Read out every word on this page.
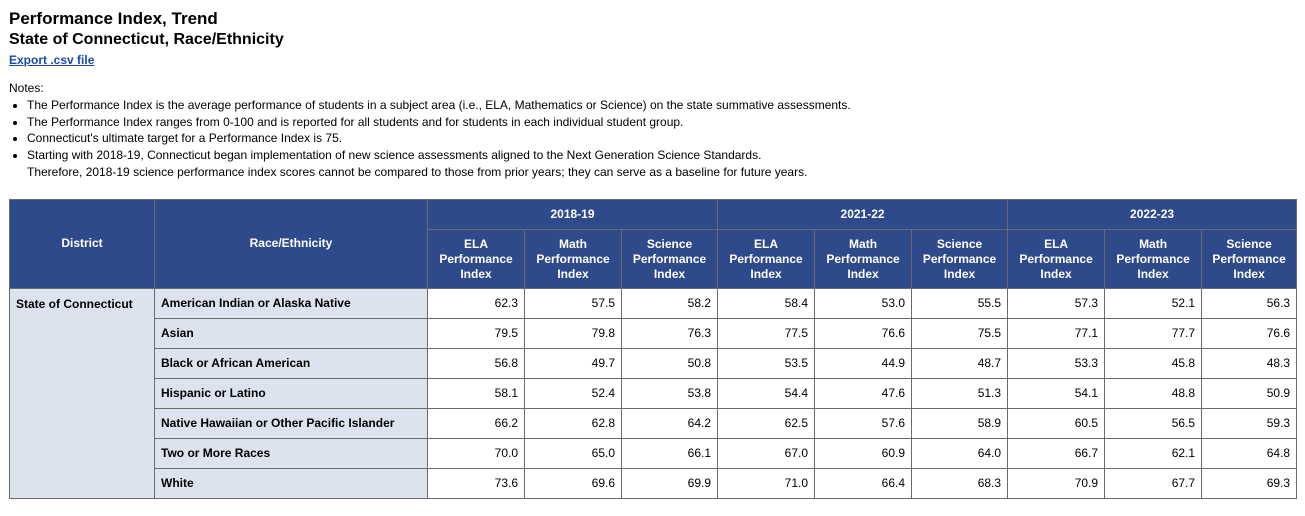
Performance Index, Trend
State of Connecticut, Race/Ethnicity
Export .csv file
Notes:
• The Performance Index is the average performance of students in a subject area (i.e., ELA, Mathematics or Science) on the state summative assessments.
• The Performance Index ranges from 0-100 and is reported for all students and for students in each individual student group.
• Connecticut's ultimate target for a Performance Index is 75.
• Starting with 2018-19, Connecticut began implementation of new science assessments aligned to the Next Generation Science Standards.
Therefore, 2018-19 science performance index scores cannot be compared to those from prior years; they can serve as a baseline for future years.
District	Race/Ethnicity	2018-19			2021-22			2022-23		
		ELA
Performance
Index	Math
Performance
Index	Science
Performance
Index	ELA
Performance
Index	Math
Performance
Index	Science
Performance
Index	ELA
Performance
Index	Math
Performance
Index	Science
Performance
Index
State of Connecticut	American Indian or Alaska Native	62.3	57.5	58.2	58.4	53.0	55.5	57.3	52.1	56.3
	Asian	79.5	79.8	76.3	77.5	76.6	75.5	77.1	77.7	76.6
	Black or African American	56.8	49.7	50.8	53.5	44.9	48.7	53.3	45.8	48.3
	Hispanic or Latino	58.1	52.4	53.8	54.4	47.6	51.3	54.1	48.8	50.9
	Native Hawaiian or Other Pacific Islander	66.2	62.8	64.2	62.5	57.6	58.9	60.5	56.5	59.3
	Two or More Races	70.0	65.0	66.1	67.0	60.9	64.0	66.7	62.1	64.8
	White	73.6	69.6	69.9	71.0	66.4	68.3	70.9	67.7	69.3
